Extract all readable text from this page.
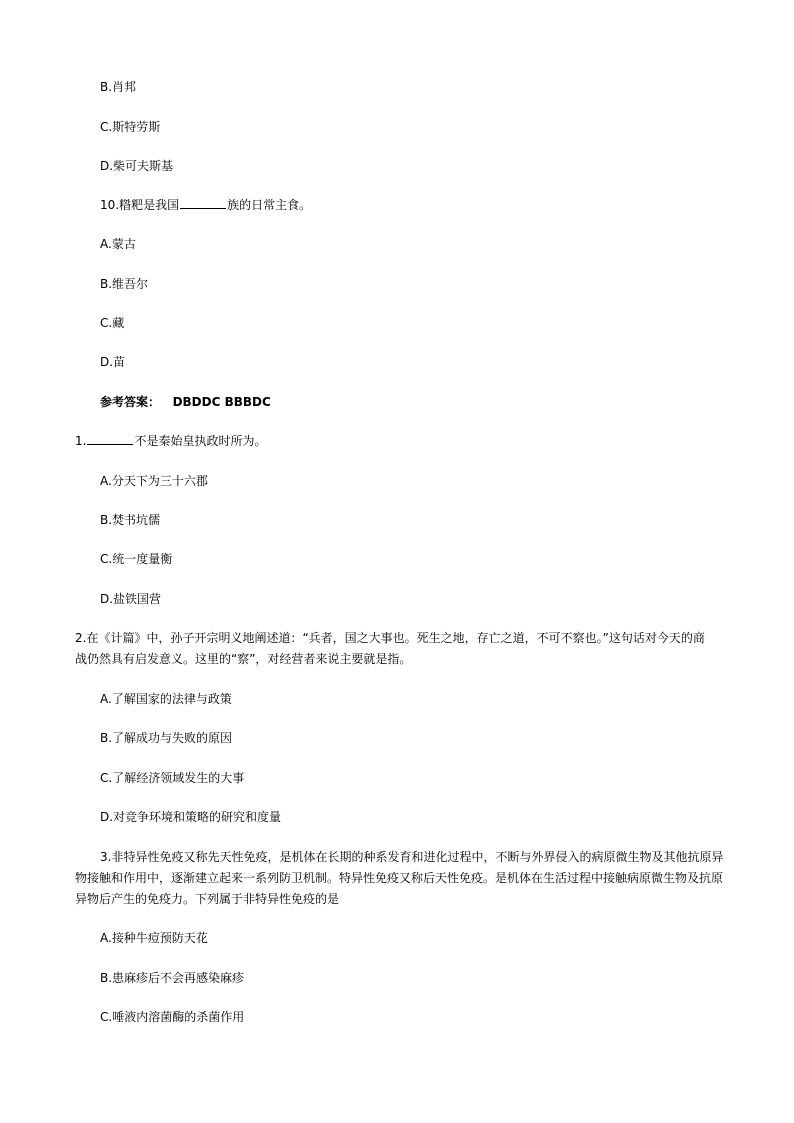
B.肖邦
C.斯特劳斯
D.柴可夫斯基
10.糌粑是我国	族的日常主食。
A.蒙古
B.维吾尔
C.藏
D.苗
参考答案： DBDDC BBBDC
1.	不是秦始皇执政时所为。
A.分天下为三十六郡
B.焚书坑儒
C.统一度量衡
D.盐铁国营
2.在《计篇》中，孙子开宗明义地阐述道：“兵者，国之大事也。死生之地，存亡之道，不可不察也。”这句话对今天的商
战仍然具有启发意义。这里的“察”，对经营者来说主要就是指。
A.了解国家的法律与政策
B.了解成功与失败的原因
C.了解经济领域发生的大事
D.对竞争环境和策略的研究和度量
3.非特异性免疫又称先天性免疫，是机体在长期的种系发育和进化过程中，不断与外界侵入的病原微生物及其他抗原异
物接触和作用中，逐渐建立起来一系列防卫机制。特异性免疫又称后天性免疫。是机体在生活过程中接触病原微生物及抗原
异物后产生的免疫力。下列属于非特异性免疫的是
A.接种牛痘预防天花
B.患麻疹后不会再感染麻疹
C.唾液内溶菌酶的杀菌作用
